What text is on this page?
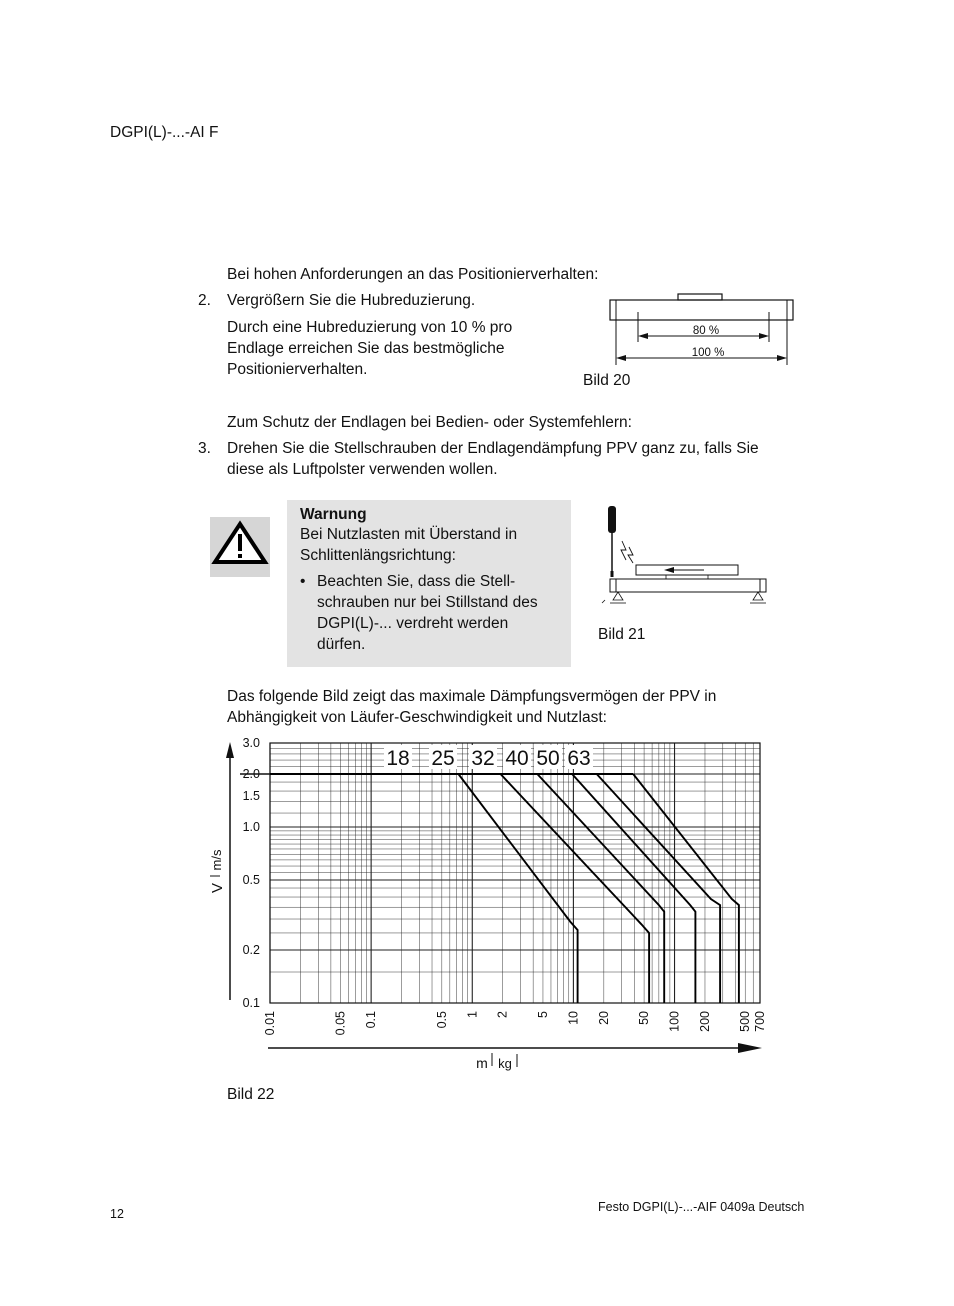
DGPI(L)-...-AI F
Bei hohen Anforderungen an das Positionierverhalten:
2. Vergrößern Sie die Hubreduzierung.
Durch eine Hubreduzierung von 10 % pro
Endlage erreichen Sie das bestmögliche
Positionierverhalten.
80 %
100 %
Bild 20
Zum Schutz der Endlagen bei Bedien- oder Systemfehlern:
3. Drehen Sie die Stellschrauben der Endlagendämpfung PPV ganz zu, falls Sie
diese als Luftpolster verwenden wollen.
Warnung
Bei Nutzlasten mit Überstand in
Schlittenlängsrichtung:
• Beachten Sie, dass die Stell-
schrauben nur bei Stillstand des
DGPI(L)-... verdreht werden
dürfen.
Bild 21
Das folgende Bild zeigt das maximale Dämpfungsvermögen der PPV in
Abhängigkeit von Läufer-Geschwindigkeit und Nutzlast:
0.1
0.2
0.5
1.0
1.5
2.0
3.0
0.01	0.05 0.1	0.5 1 2 5 10 20 50 100 200 500 700
V
m/s
m kg
18 25 32 40 50 63
Bild 22
12	Festo DGPI(L)-...-AIF 0409a Deutsch
